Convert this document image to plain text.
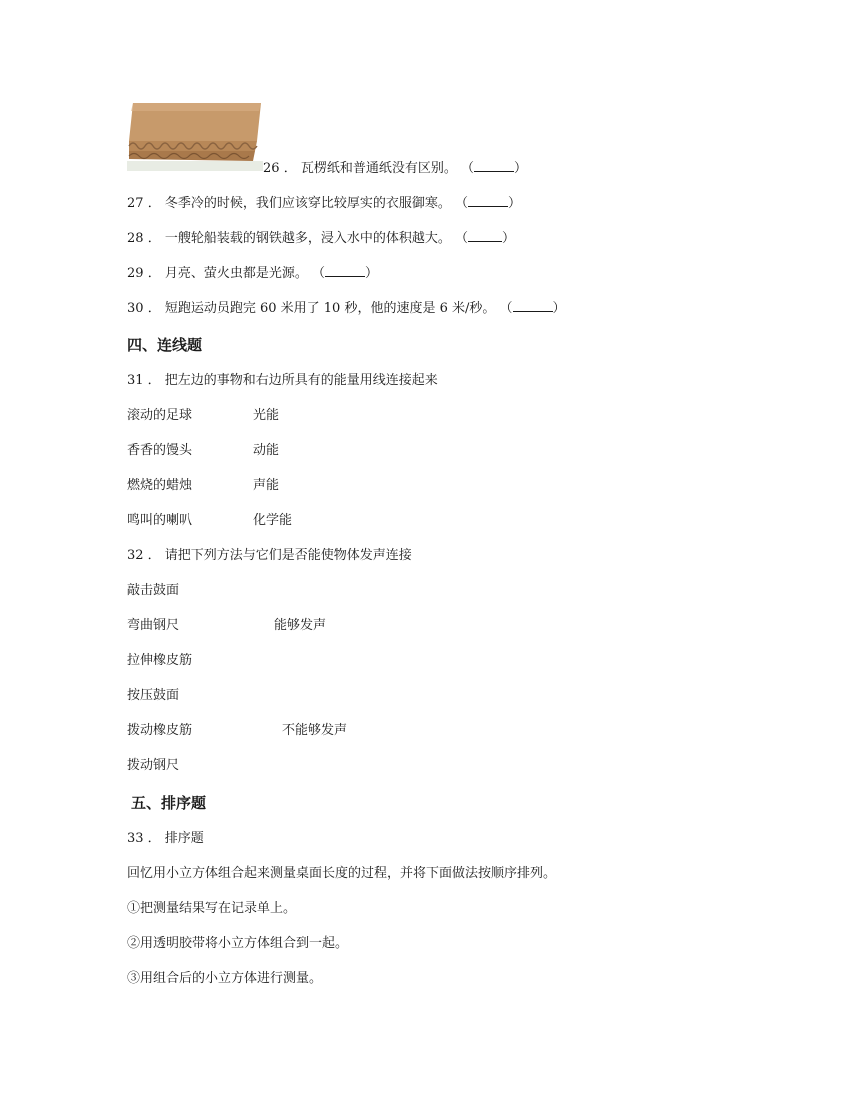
26 ． 瓦楞纸和普通纸没有区别。 （	）
27 ． 冬季冷的时候，我们应该穿比较厚实的衣服御寒。 （	）
28 ． 一艘轮船装载的钢铁越多，浸入水中的体积越大。 （	）
29 ． 月亮、萤火虫都是光源。 （	）
30 ． 短跑运动员跑完 60 米用了 10 秒，他的速度是 6 米/秒。 （	）
四、连线题
31 ． 把左边的事物和右边所具有的能量用线连接起来
滚动的足球	光能
香香的馒头	动能
燃烧的蜡烛	声能
鸣叫的喇叭	化学能
32 ． 请把下列方法与它们是否能使物体发声连接
敲击鼓面
弯曲钢尺	能够发声
拉伸橡皮筋
按压鼓面
拨动橡皮筋	不能够发声
拨动钢尺
五、排序题
33 ． 排序题
回忆用小立方体组合起来测量桌面长度的过程，并将下面做法按顺序排列。
①把测量结果写在记录单上。
②用透明胶带将小立方体组合到一起。
③用组合后的小立方体进行测量。
